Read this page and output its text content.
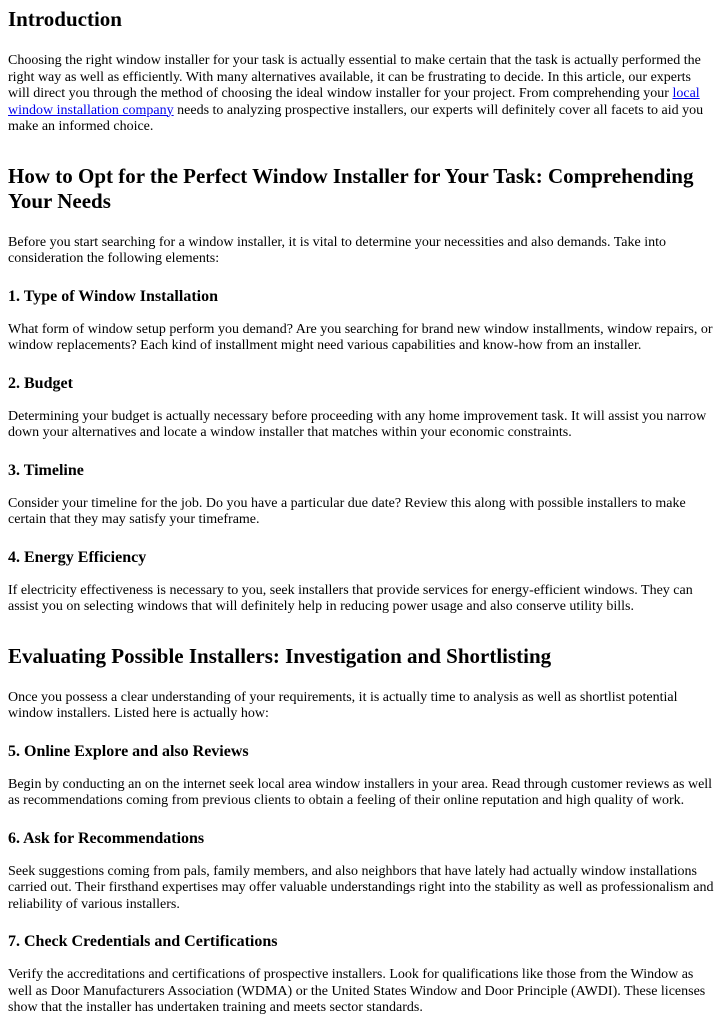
Introduction

Choosing the right window installer for your task is actually essential to make certain that the task is actually performed the right way as well as efficiently. With many alternatives available, it can be frustrating to decide. In this article, our experts will direct you through the method of choosing the ideal window installer for your project. From comprehending your local window installation company needs to analyzing prospective installers, our experts will definitely cover all facets to aid you make an informed choice.

How to Opt for the Perfect Window Installer for Your Task: Comprehending Your Needs

Before you start searching for a window installer, it is vital to determine your necessities and also demands. Take into consideration the following elements:

1. Type of Window Installation

What form of window setup perform you demand? Are you searching for brand new window installments, window repairs, or window replacements? Each kind of installment might need various capabilities and know-how from an installer.

2. Budget

Determining your budget is actually necessary before proceeding with any home improvement task. It will assist you narrow down your alternatives and locate a window installer that matches within your economic constraints.

3. Timeline

Consider your timeline for the job. Do you have a particular due date? Review this along with possible installers to make certain that they may satisfy your timeframe.

4. Energy Efficiency

If electricity effectiveness is necessary to you, seek installers that provide services for energy-efficient windows. They can assist you on selecting windows that will definitely help in reducing power usage and also conserve utility bills.

Evaluating Possible Installers: Investigation and Shortlisting

Once you possess a clear understanding of your requirements, it is actually time to analysis as well as shortlist potential window installers. Listed here is actually how:

5. Online Explore and also Reviews

Begin by conducting an on the internet seek local area window installers in your area. Read through customer reviews as well as recommendations coming from previous clients to obtain a feeling of their online reputation and high quality of work.

6. Ask for Recommendations

Seek suggestions coming from pals, family members, and also neighbors that have lately had actually window installations carried out. Their firsthand expertises may offer valuable understandings right into the stability as well as professionalism and reliability of various installers.

7. Check Credentials and Certifications

Verify the accreditations and certifications of prospective installers. Look for qualifications like those from the Window as well as Door Manufacturers Association (WDMA) or the United States Window and Door Principle (AWDI). These licenses show that the installer has undertaken training and meets sector standards.
